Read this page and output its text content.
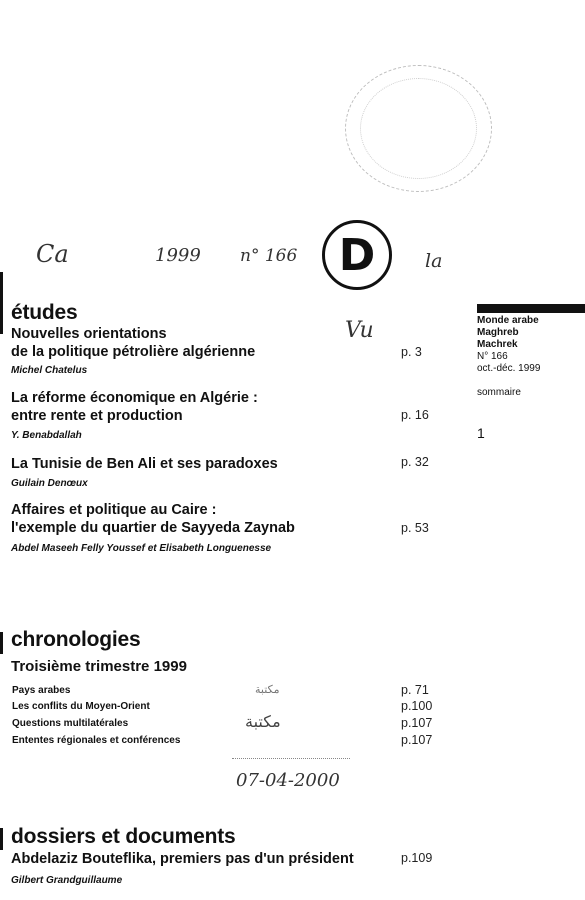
Ca	1999 n° 166 D	la
Vu	Monde arabe
Maghreb
Machrek
N° 166
oct.-déc. 1999
sommaire
1
études
Nouvelles orientations
de la politique pétrolière algérienne
Michel Chatelus
p. 3
La réforme économique en Algérie :
entre rente et production
Y. Benabdallah
p. 16
La Tunisie de Ben Ali et ses paradoxes
Guilain Denœux
p. 32
Affaires et politique au Caire :
l'exemple du quartier de Sayyeda Zaynab
Abdel Maseeh Felly Youssef et Elisabeth Longuenesse
p. 53
chronologies
Troisième trimestre 1999
Pays arabes	p. 71
Les conflits du Moyen-Orient	p.100
Questions multilatérales	p.107
Ententes régionales et conférences	p.107
مكتبة
مكتبة
07-04-2000
dossiers et documents
Abdelaziz Bouteflika, premiers pas d'un président	p.109
Gilbert Grandguillaume
